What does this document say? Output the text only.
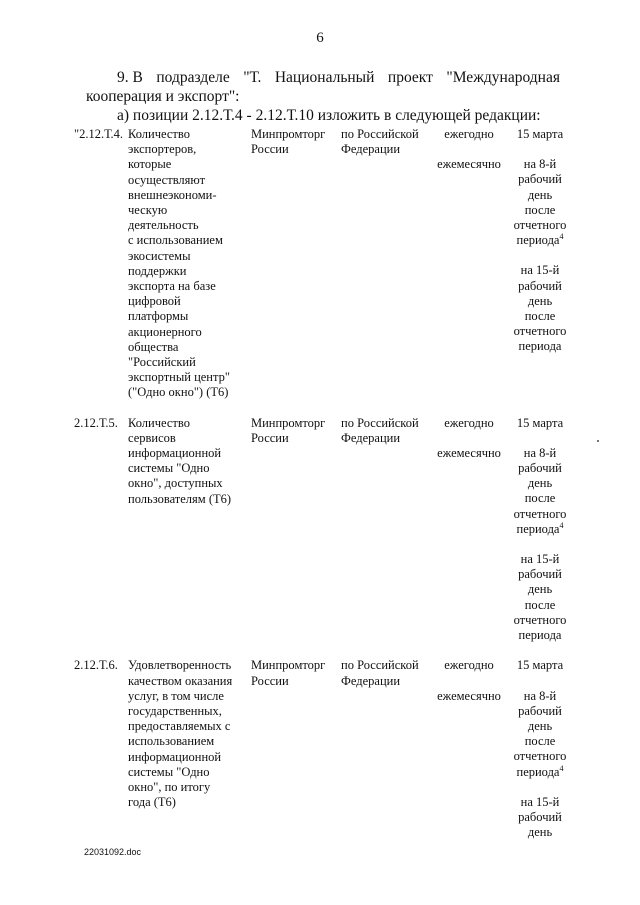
6
9. В подразделе "Т. Национальный проект "Международная
кооперация и экспорт":
а) позиции 2.12.Т.4 - 2.12.Т.10 изложить в следующей редакции:
"2.12.Т.4. Количество
экспортеров,
которые
осуществляют
внешнеэкономи-
ческую
деятельность
с использованием
экосистемы
поддержки
экспорта на базе
цифровой
платформы
акционерного
общества
"Российский
экспортный центр"
("Одно окно") (Т6)
Минпромторг
России
по Российской
Федерации
ежегодно
ежемесячно
15 марта
на 8-й
рабочий
день
после
отчетного
периода$^4$
на 15-й
рабочий
день
после
отчетного
периода
2.12.Т.5. Количество
сервисов
информационной
системы "Одно
окно", доступных
пользователям (Т6)
Минпромторг
России
по Российской
Федерации
ежегодно
ежемесячно
15 марта
на 8-й
рабочий
день
после
отчетного
периода$^4$
на 15-й
рабочий
день
после
отчетного
периода
2.12.Т.6. Удовлетворенность
качеством оказания
услуг, в том числе
государственных,
предоставляемых с
использованием
информационной
системы "Одно
окно", по итогу
года (Т6)
Минпромторг
России
по Российской
Федерации
ежегодно
ежемесячно
15 марта
на 8-й
рабочий
день
после
отчетного
периода$^4$
на 15-й
рабочий
день
22031092.doc
